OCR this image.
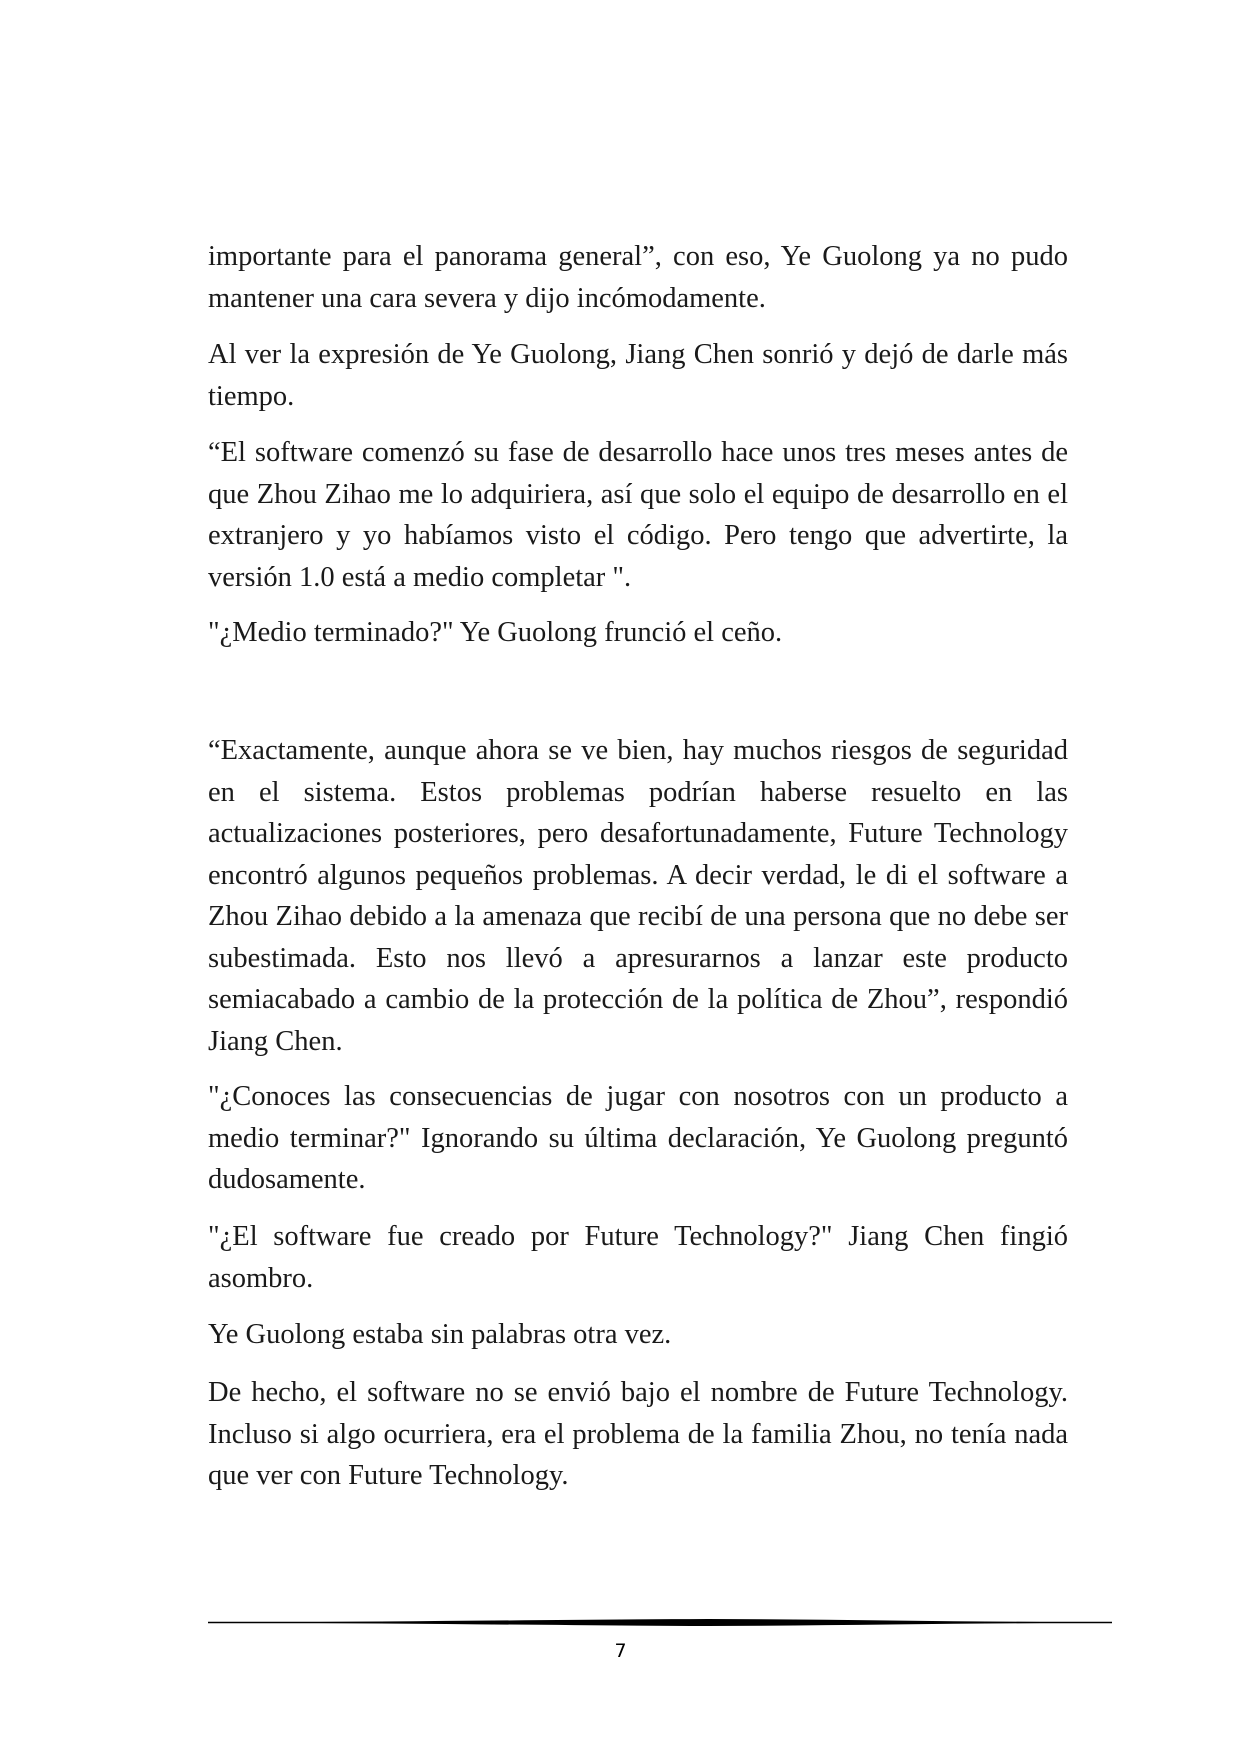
importante para el panorama general”, con eso, Ye Guolong ya no pudo mantener una cara severa y dijo incómodamente.

Al ver la expresión de Ye Guolong, Jiang Chen sonrió y dejó de darle más tiempo.

“El software comenzó su fase de desarrollo hace unos tres meses antes de que Zhou Zihao me lo adquiriera, así que solo el equipo de desarrollo en el extranjero y yo habíamos visto el código. Pero tengo que advertirte, la versión 1.0 está a medio completar ".

"¿Medio terminado?" Ye Guolong frunció el ceño.

“Exactamente, aunque ahora se ve bien, hay muchos riesgos de seguridad en el sistema. Estos problemas podrían haberse resuelto en las actualizaciones posteriores, pero desafortunadamente, Future Technology encontró algunos pequeños problemas. A decir verdad, le di el software a Zhou Zihao debido a la amenaza que recibí de una persona que no debe ser subestimada. Esto nos llevó a apresurarnos a lanzar este producto semiacabado a cambio de la protección de la política de Zhou”, respondió Jiang Chen.

"¿Conoces las consecuencias de jugar con nosotros con un producto a medio terminar?" Ignorando su última declaración, Ye Guolong preguntó dudosamente.

"¿El software fue creado por Future Technology?" Jiang Chen fingió asombro.

Ye Guolong estaba sin palabras otra vez.

De hecho, el software no se envió bajo el nombre de Future Technology. Incluso si algo ocurriera, era el problema de la familia Zhou, no tenía nada que ver con Future Technology.

7
